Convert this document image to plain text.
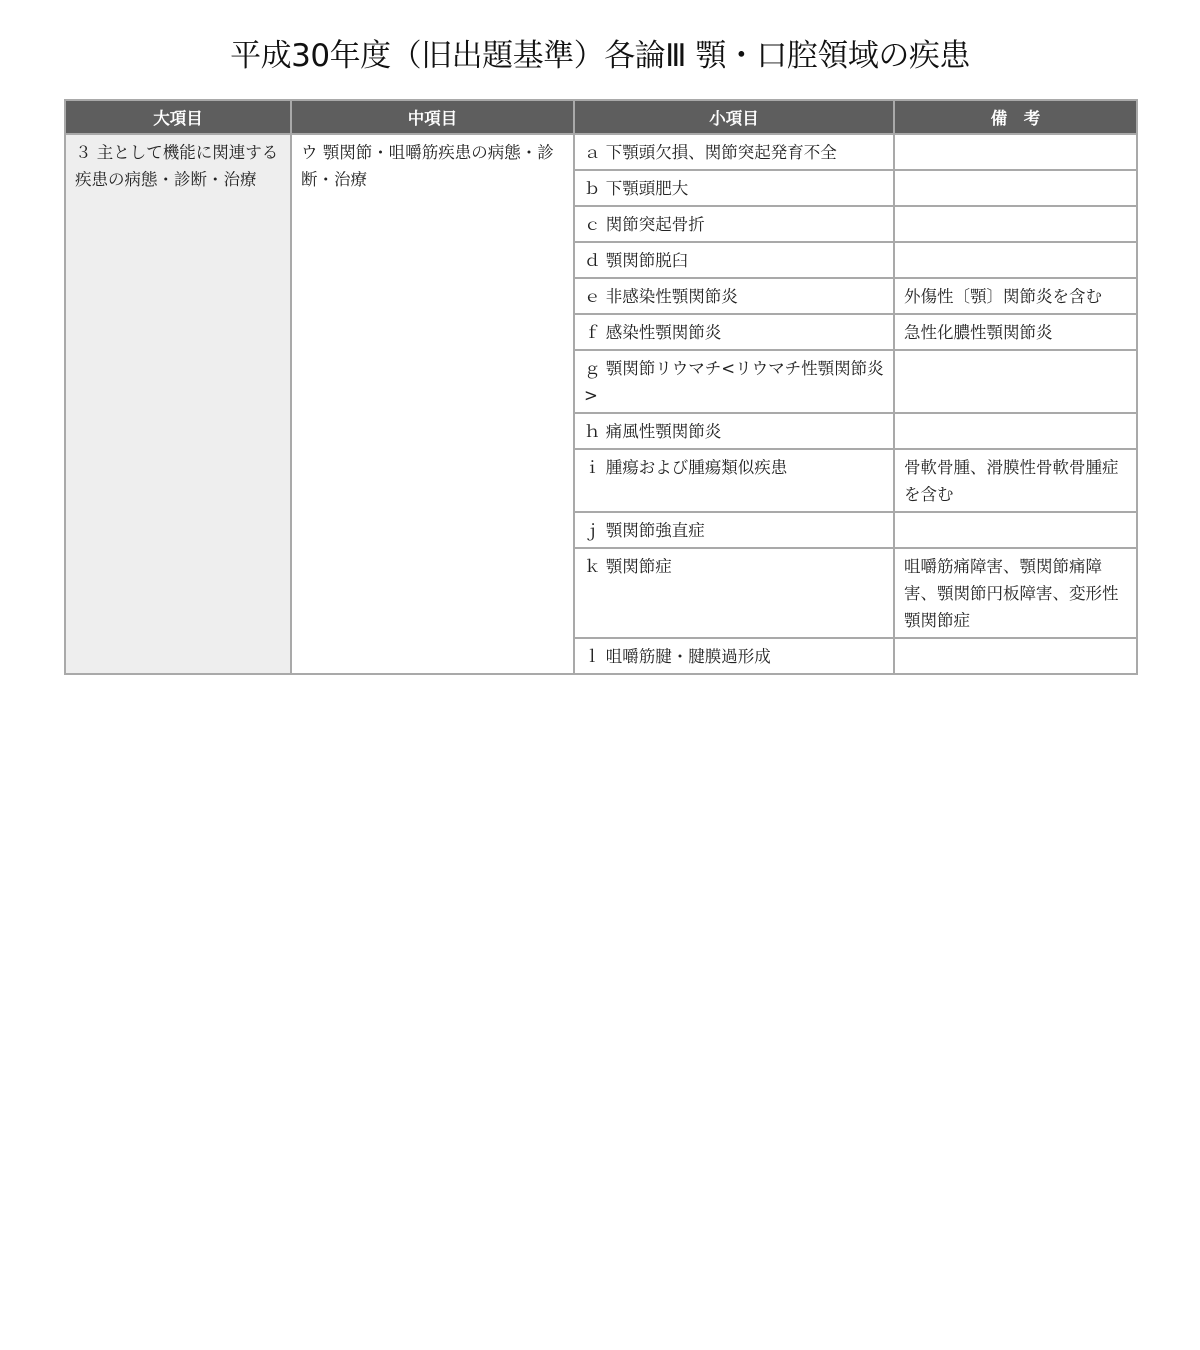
平成30年度（旧出題基準）各論Ⅲ 顎・口腔領域の疾患
大項目	中項目	小項目	備　考
３ 主として機能に関連する疾患の病態・診断・治療	ウ 顎関節・咀嚼筋疾患の病態・診断・治療	ａ 下顎頭欠損、関節突起発育不全	
		ｂ 下顎頭肥大	
		ｃ 関節突起骨折	
		ｄ 顎関節脱臼	
		ｅ 非感染性顎関節炎	外傷性〔顎〕関節炎を含む
		ｆ 感染性顎関節炎	急性化膿性顎関節炎
		ｇ 顎関節リウマチ<リウマチ性顎関節炎>	
		ｈ 痛風性顎関節炎	
		ｉ 腫瘍および腫瘍類似疾患	骨軟骨腫、滑膜性骨軟骨腫症を含む
		ｊ 顎関節強直症	
		ｋ 顎関節症	咀嚼筋痛障害、顎関節痛障害、顎関節円板障害、変形性顎関節症
		ｌ 咀嚼筋腱・腱膜過形成	
